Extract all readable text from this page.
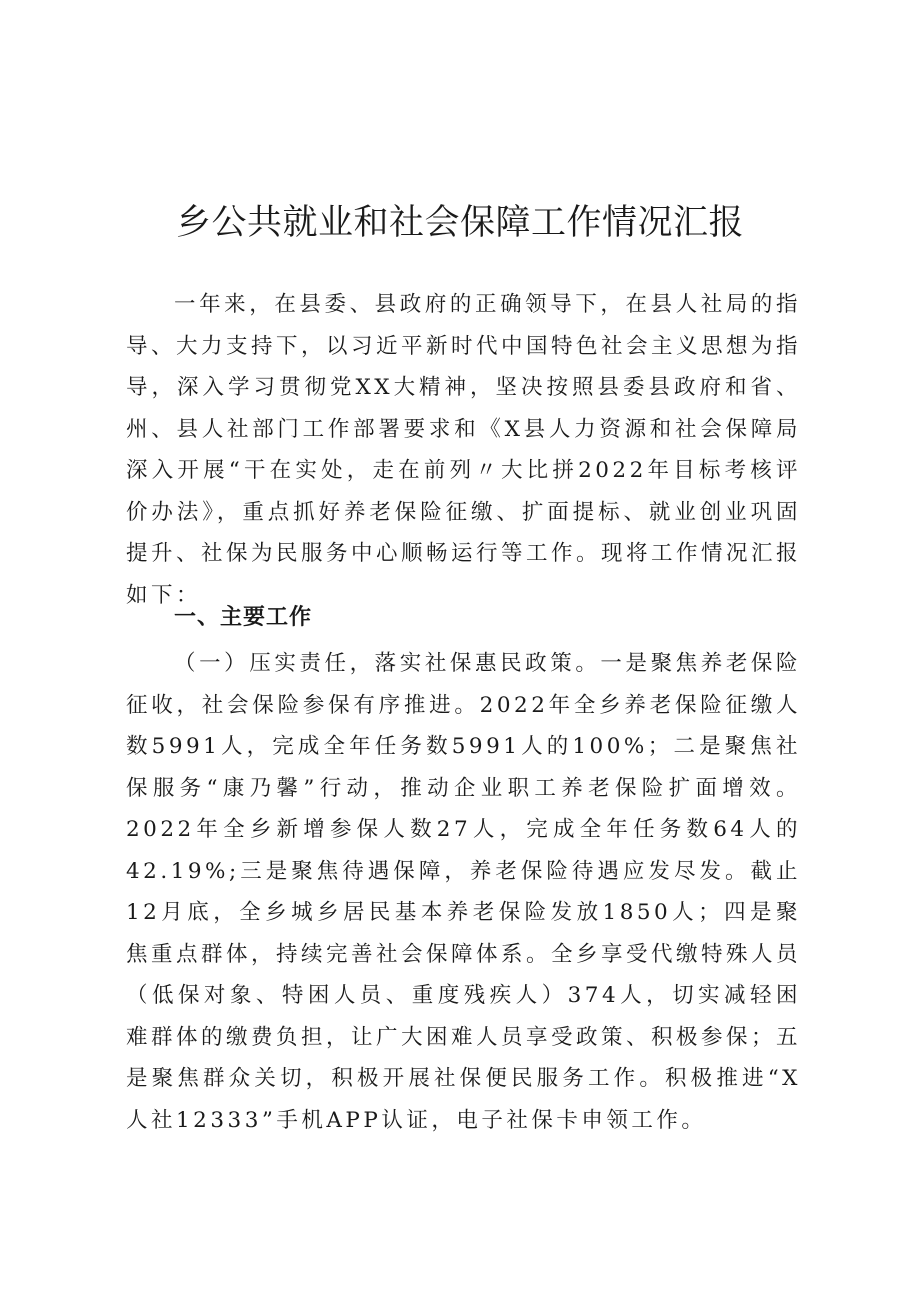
乡公共就业和社会保障工作情况汇报

一年来，在县委、县政府的正确领导下，在县人社局的指导、大力支持下，以习近平新时代中国特色社会主义思想为指导，深入学习贯彻党XX大精神，坚决按照县委县政府和省、州、县人社部门工作部署要求和《X县人力资源和社会保障局深入开展“干在实处，走在前列〃大比拼2022年目标考核评价办法》，重点抓好养老保险征缴、扩面提标、就业创业巩固提升、社保为民服务中心顺畅运行等工作。现将工作情况汇报如下：

一、主要工作

（一）压实责任，落实社保惠民政策。一是聚焦养老保险征收，社会保险参保有序推进。2022年全乡养老保险征缴人数5991人，完成全年任务数5991人的100%；二是聚焦社保服务“康乃馨”行动，推动企业职工养老保险扩面增效。2022年全乡新增参保人数27人，完成全年任务数64人的42.19%;三是聚焦待遇保障，养老保险待遇应发尽发。截止12月底，全乡城乡居民基本养老保险发放1850人；四是聚焦重点群体，持续完善社会保障体系。全乡享受代缴特殊人员（低保对象、特困人员、重度残疾人）374人，切实减轻困难群体的缴费负担，让广大困难人员享受政策、积极参保；五是聚焦群众关切，积极开展社保便民服务工作。积极推进“X人社12333”手机APP认证，电子社保卡申领工作。
